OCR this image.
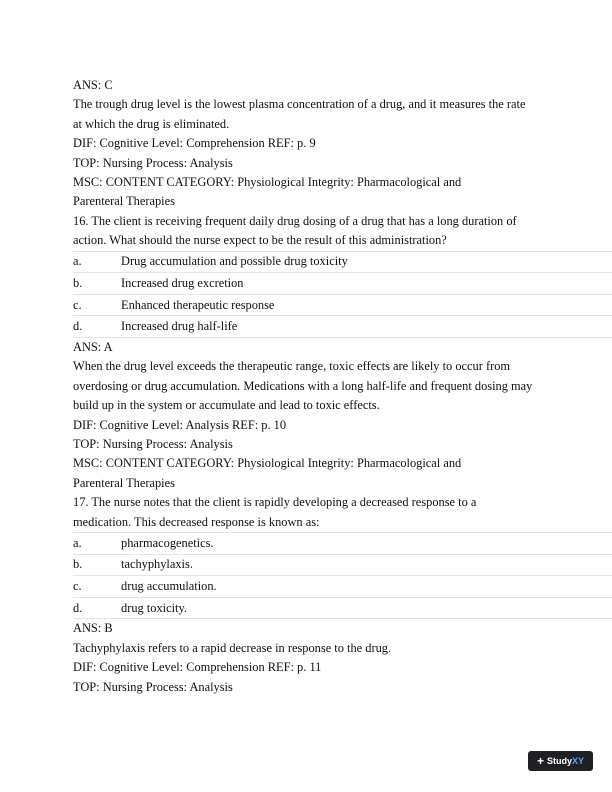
ANS: C
The trough drug level is the lowest plasma concentration of a drug, and it measures the rate at which the drug is eliminated.
DIF: Cognitive Level: Comprehension REF: p. 9
TOP: Nursing Process: Analysis
MSC: CONTENT CATEGORY: Physiological Integrity: Pharmacological and
Parenteral Therapies
16. The client is receiving frequent daily drug dosing of a drug that has a long duration of action. What should the nurse expect to be the result of this administration?
a.	Drug accumulation and possible drug toxicity
b.	Increased drug excretion
c.	Enhanced therapeutic response
d.	Increased drug half-life
ANS: A
When the drug level exceeds the therapeutic range, toxic effects are likely to occur from overdosing or drug accumulation. Medications with a long half-life and frequent dosing may build up in the system or accumulate and lead to toxic effects.
DIF: Cognitive Level: Analysis REF: p. 10
TOP: Nursing Process: Analysis
MSC: CONTENT CATEGORY: Physiological Integrity: Pharmacological and
Parenteral Therapies
17. The nurse notes that the client is rapidly developing a decreased response to a medication. This decreased response is known as:
a.	pharmacogenetics.
b.	tachyphylaxis.
c.	drug accumulation.
d.	drug toxicity.
ANS: B
Tachyphylaxis refers to a rapid decrease in response to the drug.
DIF: Cognitive Level: Comprehension REF: p. 11
TOP: Nursing Process: Analysis
+ StudyXY
